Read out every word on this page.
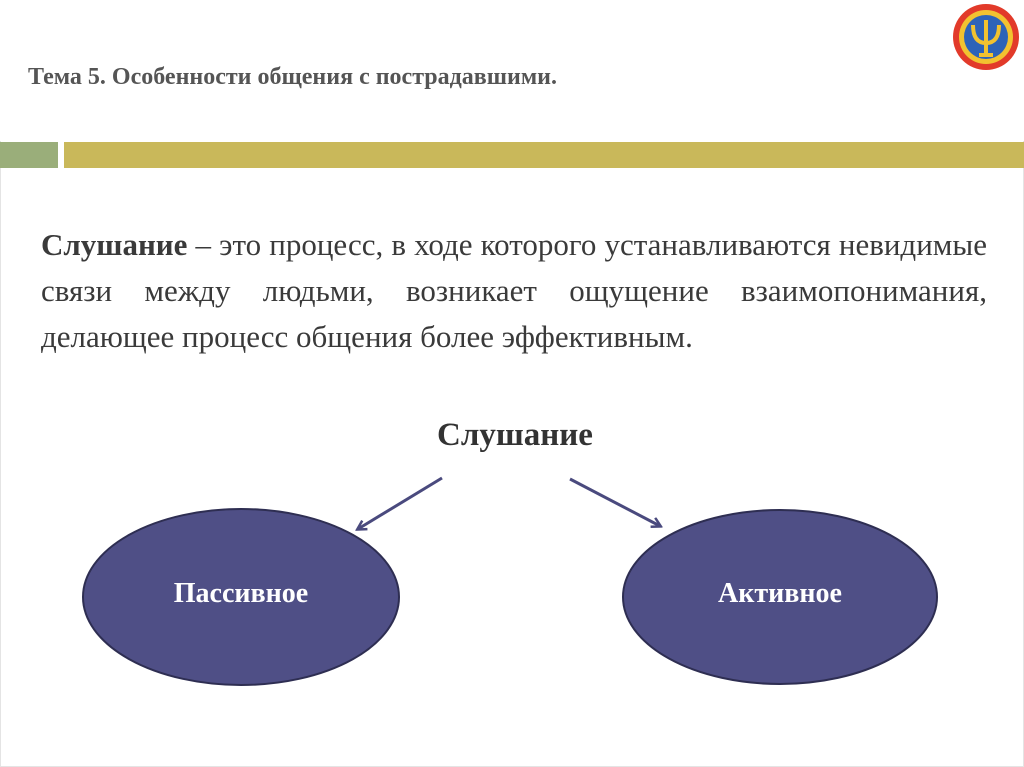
Тема 5. Особенности общения с пострадавшими.
Слушание – это процесс, в ходе которого устанавливаются невидимые связи между людьми, возникает ощущение взаимопонимания, делающее процесс общения более эффективным.
Слушание
Пассивное	Активное
